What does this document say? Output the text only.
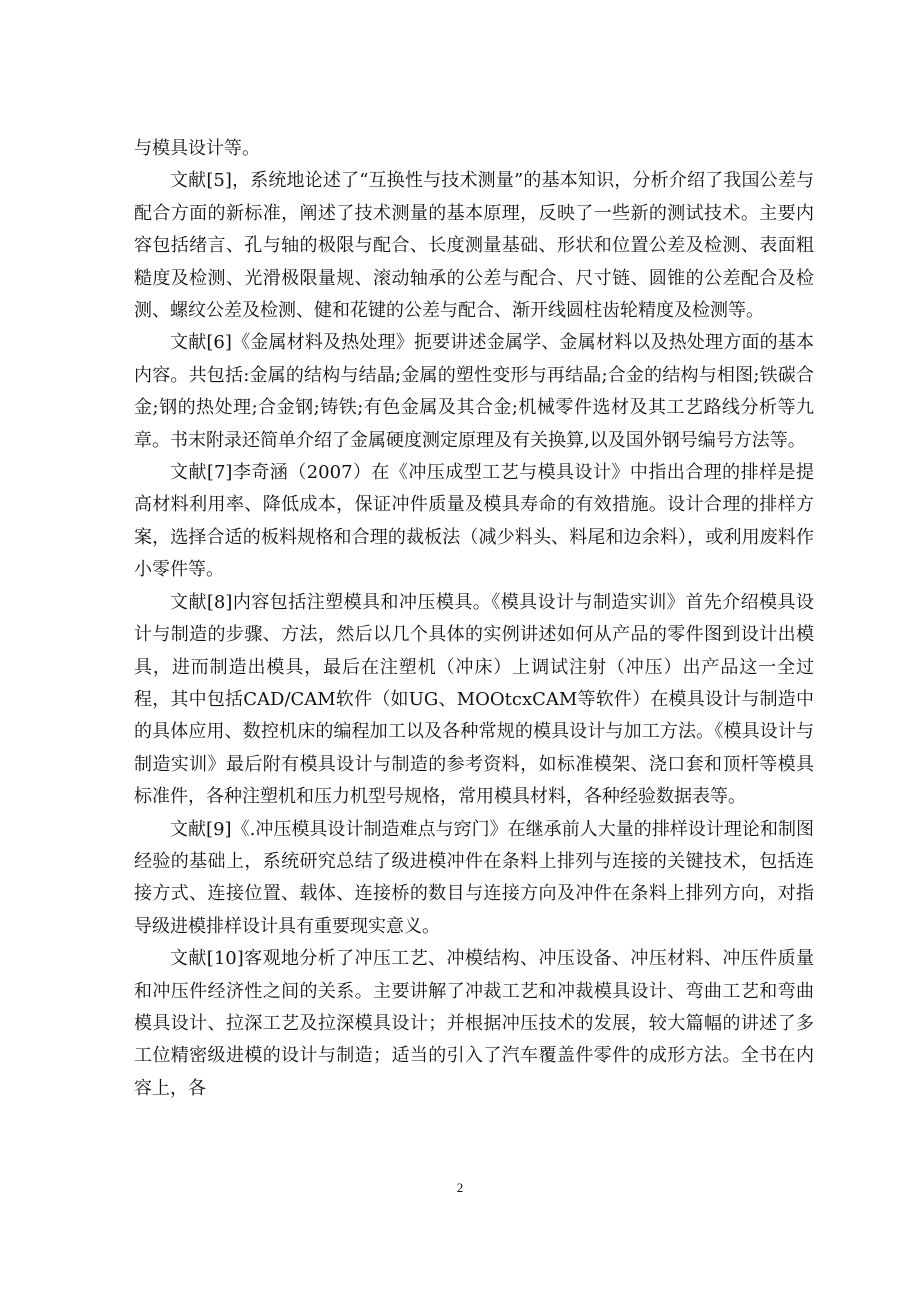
与模具设计等。

文献[5]，系统地论述了“互换性与技术测量”的基本知识，分析介绍了我国公差与配合方面的新标准，阐述了技术测量的基本原理，反映了一些新的测试技术。主要内容包括绪言、孔与轴的极限与配合、长度测量基础、形状和位置公差及检测、表面粗糙度及检测、光滑极限量规、滚动轴承的公差与配合、尺寸链、圆锥的公差配合及检测、螺纹公差及检测、健和花键的公差与配合、渐开线圆柱齿轮精度及检测等。

文献[6]《金属材料及热处理》扼要讲述金属学、金属材料以及热处理方面的基本内容。共包括:金属的结构与结晶;金属的塑性变形与再结晶;合金的结构与相图;铁碳合金;钢的热处理;合金钢;铸铁;有色金属及其合金;机械零件选材及其工艺路线分析等九章。书末附录还简单介绍了金属硬度测定原理及有关换算,以及国外钢号编号方法等。

文献[7]李奇涵（2007）在《冲压成型工艺与模具设计》中指出合理的排样是提高材料利用率、降低成本，保证冲件质量及模具寿命的有效措施。设计合理的排样方案，选择合适的板料规格和合理的裁板法（减少料头、料尾和边余料），或利用废料作小零件等。

文献[8]内容包括注塑模具和冲压模具。《模具设计与制造实训》首先介绍模具设计与制造的步骤、方法，然后以几个具体的实例讲述如何从产品的零件图到设计出模具，进而制造出模具，最后在注塑机（冲床）上调试注射（冲压）出产品这一全过程，其中包括CAD/CAM软件（如UG、MOOtcxCAM等软件）在模具设计与制造中的具体应用、数控机床的编程加工以及各种常规的模具设计与加工方法。《模具设计与制造实训》最后附有模具设计与制造的参考资料，如标准模架、浇口套和顶杆等模具标准件，各种注塑机和压力机型号规格，常用模具材料，各种经验数据表等。

文献[9]《.冲压模具设计制造难点与窍门》在继承前人大量的排样设计理论和制图经验的基础上，系统研究总结了级进模冲件在条料上排列与连接的关键技术，包括连接方式、连接位置、载体、连接桥的数目与连接方向及冲件在条料上排列方向，对指导级进模排样设计具有重要现实意义。

文献[10]客观地分析了冲压工艺、冲模结构、冲压设备、冲压材料、冲压件质量和冲压件经济性之间的关系。主要讲解了冲裁工艺和冲裁模具设计、弯曲工艺和弯曲模具设计、拉深工艺及拉深模具设计；并根据冲压技术的发展，较大篇幅的讲述了多工位精密级进模的设计与制造；适当的引入了汽车覆盖件零件的成形方法。全书在内容上，各

2
